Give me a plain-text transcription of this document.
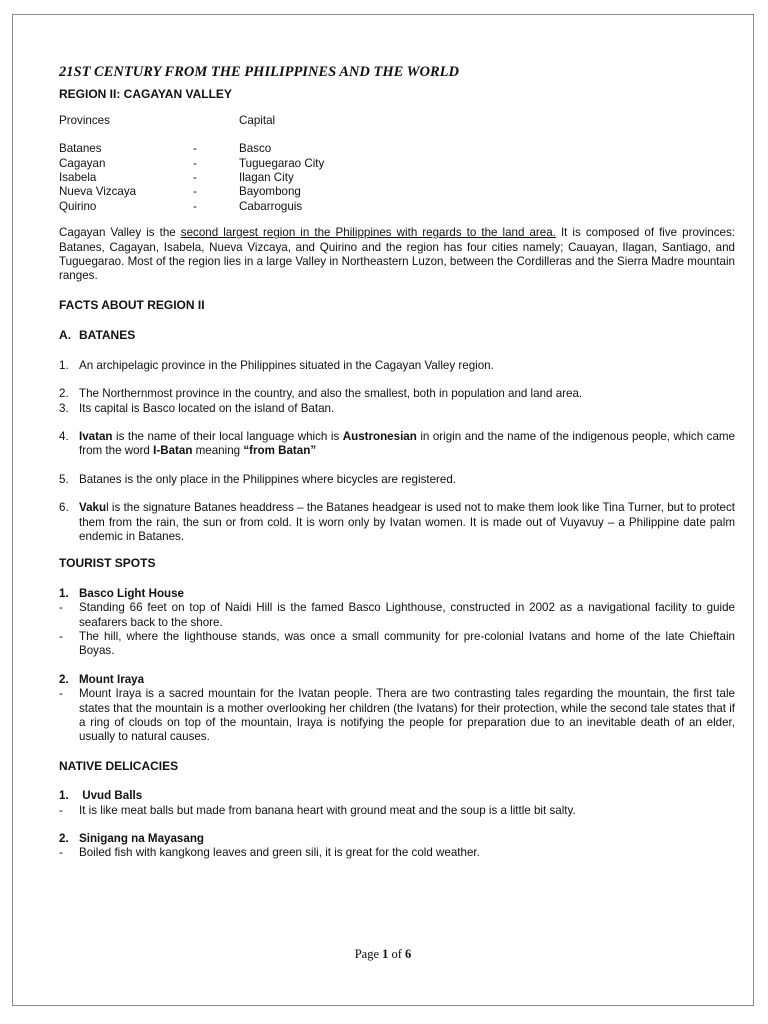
21ST CENTURY FROM THE PHILIPPINES AND THE WORLD
REGION II: CAGAYAN VALLEY
Provinces	Capital
Batanes	-	Basco
Cagayan	-	Tuguegarao City
Isabela	-	Ilagan City
Nueva Vizcaya	-	Bayombong
Quirino	-	Cabarroguis

Cagayan Valley is the second largest region in the Philippines with regards to the land area. It is composed of five provinces: Batanes, Cagayan, Isabela, Nueva Vizcaya, and Quirino and the region has four cities namely; Cauayan, Ilagan, Santiago, and Tuguegarao. Most of the region lies in a large Valley in Northeastern Luzon, between the Cordilleras and the Sierra Madre mountain ranges.

FACTS ABOUT REGION II
A. BATANES
1. An archipelagic province in the Philippines situated in the Cagayan Valley region.
2. The Northernmost province in the country, and also the smallest, both in population and land area.
3. Its capital is Basco located on the island of Batan.
4. Ivatan is the name of their local language which is Austronesian in origin and the name of the indigenous people, which came from the word I-Batan meaning “from Batan”
5. Batanes is the only place in the Philippines where bicycles are registered.
6. Vakul is the signature Batanes headdress – the Batanes headgear is used not to make them look like Tina Turner, but to protect them from the rain, the sun or from cold. It is worn only by Ivatan women. It is made out of Vuyavuy – a Philippine date palm endemic in Batanes.
TOURIST SPOTS
1. Basco Light House
-	Standing 66 feet on top of Naidi Hill is the famed Basco Lighthouse, constructed in 2002 as a navigational facility to guide seafarers back to the shore.
-	The hill, where the lighthouse stands, was once a small community for pre-colonial Ivatans and home of the late Chieftain Boyas.
2. Mount Iraya
-	Mount Iraya is a sacred mountain for the Ivatan people. Thera are two contrasting tales regarding the mountain, the first tale states that the mountain is a mother overlooking her children (the Ivatans) for their protection, while the second tale states that if a ring of clouds on top of the mountain, Iraya is notifying the people for preparation due to an inevitable death of an elder, usually to natural causes.
NATIVE DELICACIES
1. Uvud Balls
-	It is like meat balls but made from banana heart with ground meat and the soup is a little bit salty.
2. Sinigang na Mayasang
-	Boiled fish with kangkong leaves and green sili, it is great for the cold weather.
Page 1 of 6
